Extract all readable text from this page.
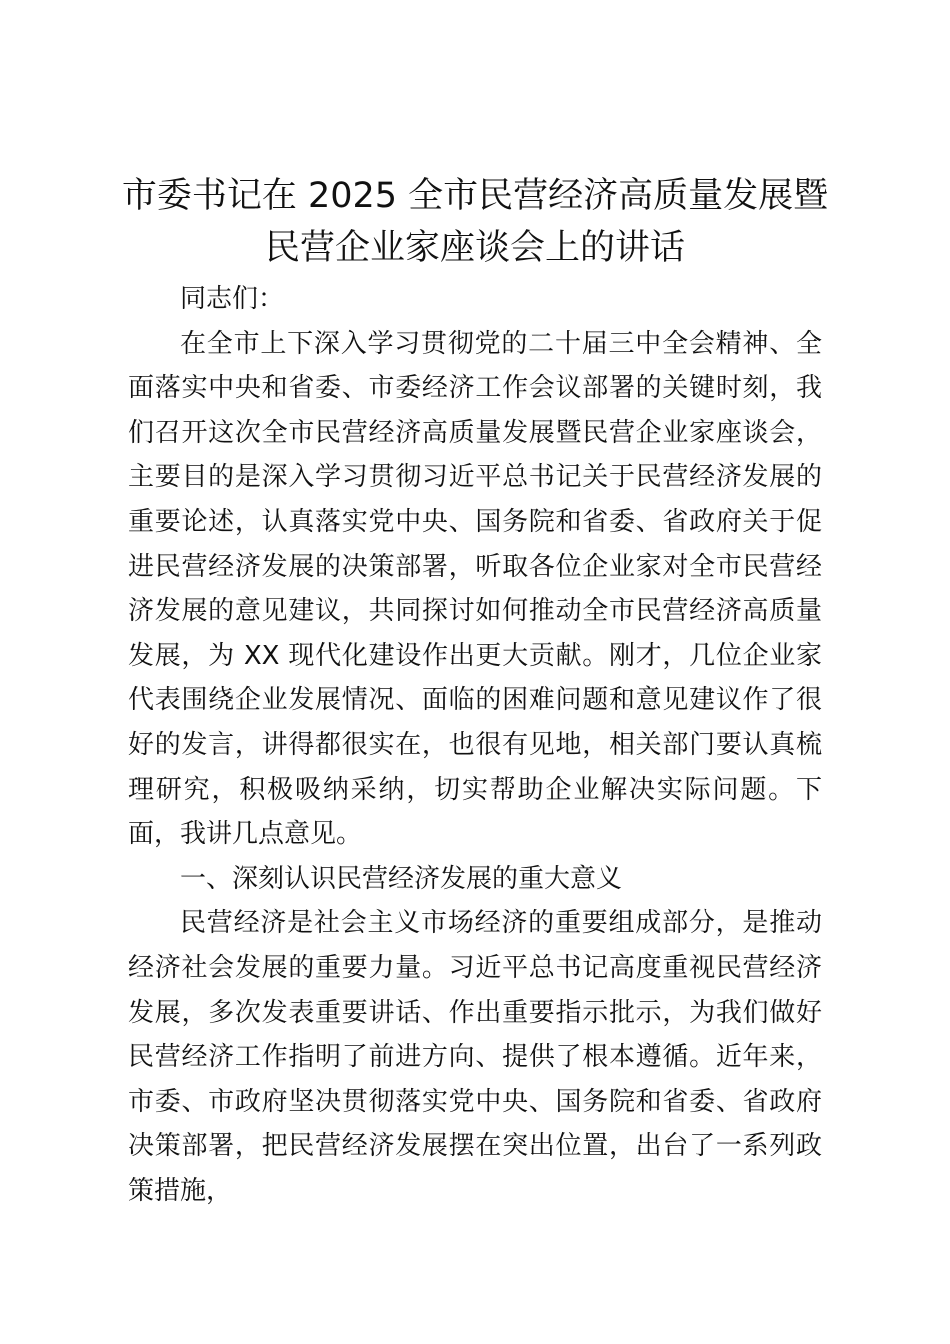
市委书记在 2025 全市民营经济高质量发展暨
民营企业家座谈会上的讲话

同志们：

在全市上下深入学习贯彻党的二十届三中全会精神、全面落实中央和省委、市委经济工作会议部署的关键时刻，我们召开这次全市民营经济高质量发展暨民营企业家座谈会，主要目的是深入学习贯彻习近平总书记关于民营经济发展的重要论述，认真落实党中央、国务院和省委、省政府关于促进民营经济发展的决策部署，听取各位企业家对全市民营经济发展的意见建议，共同探讨如何推动全市民营经济高质量发展，为 XX 现代化建设作出更大贡献。刚才，几位企业家代表围绕企业发展情况、面临的困难问题和意见建议作了很好的发言，讲得都很实在，也很有见地，相关部门要认真梳理研究，积极吸纳采纳，切实帮助企业解决实际问题。下面，我讲几点意见。

一、深刻认识民营经济发展的重大意义

民营经济是社会主义市场经济的重要组成部分，是推动经济社会发展的重要力量。习近平总书记高度重视民营经济发展，多次发表重要讲话、作出重要指示批示，为我们做好民营经济工作指明了前进方向、提供了根本遵循。近年来，市委、市政府坚决贯彻落实党中央、国务院和省委、省政府决策部署，把民营经济发展摆在突出位置，出台了一系列政策措施，
